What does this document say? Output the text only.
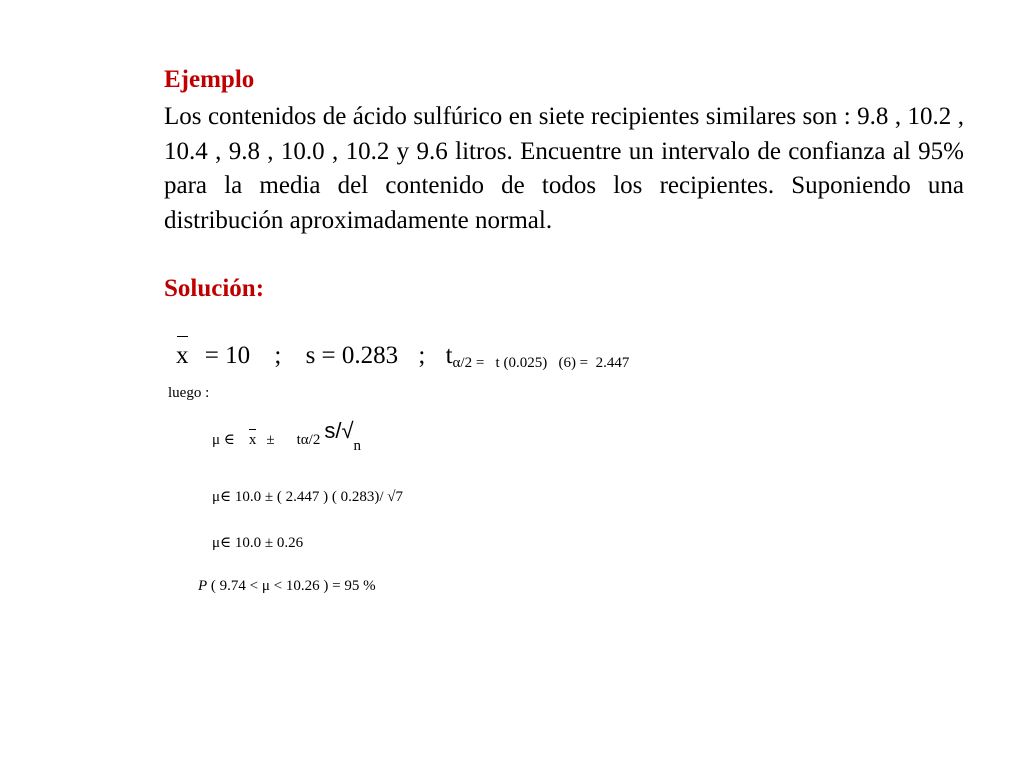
Ejemplo
Los contenidos de ácido sulfúrico en siete recipientes similares son : 9.8 , 10.2 , 10.4 , 9.8 , 10.0 , 10.2 y 9.6 litros. Encuentre un intervalo de confianza al 95% para la media del contenido de todos los recipientes. Suponiendo una distribución aproximadamente normal.
Solución:
x = 10 ; s = 0.283 ; tα/2 =   t (0.025)   (6) =  2.447
luego :
μ ∈ x ± tα/2 s/√n
μ∈ 10.0 ± ( 2.447 ) ( 0.283)/ √7
μ∈ 10.0 ± 0.26
P ( 9.74 < μ < 10.26 ) = 95 %
